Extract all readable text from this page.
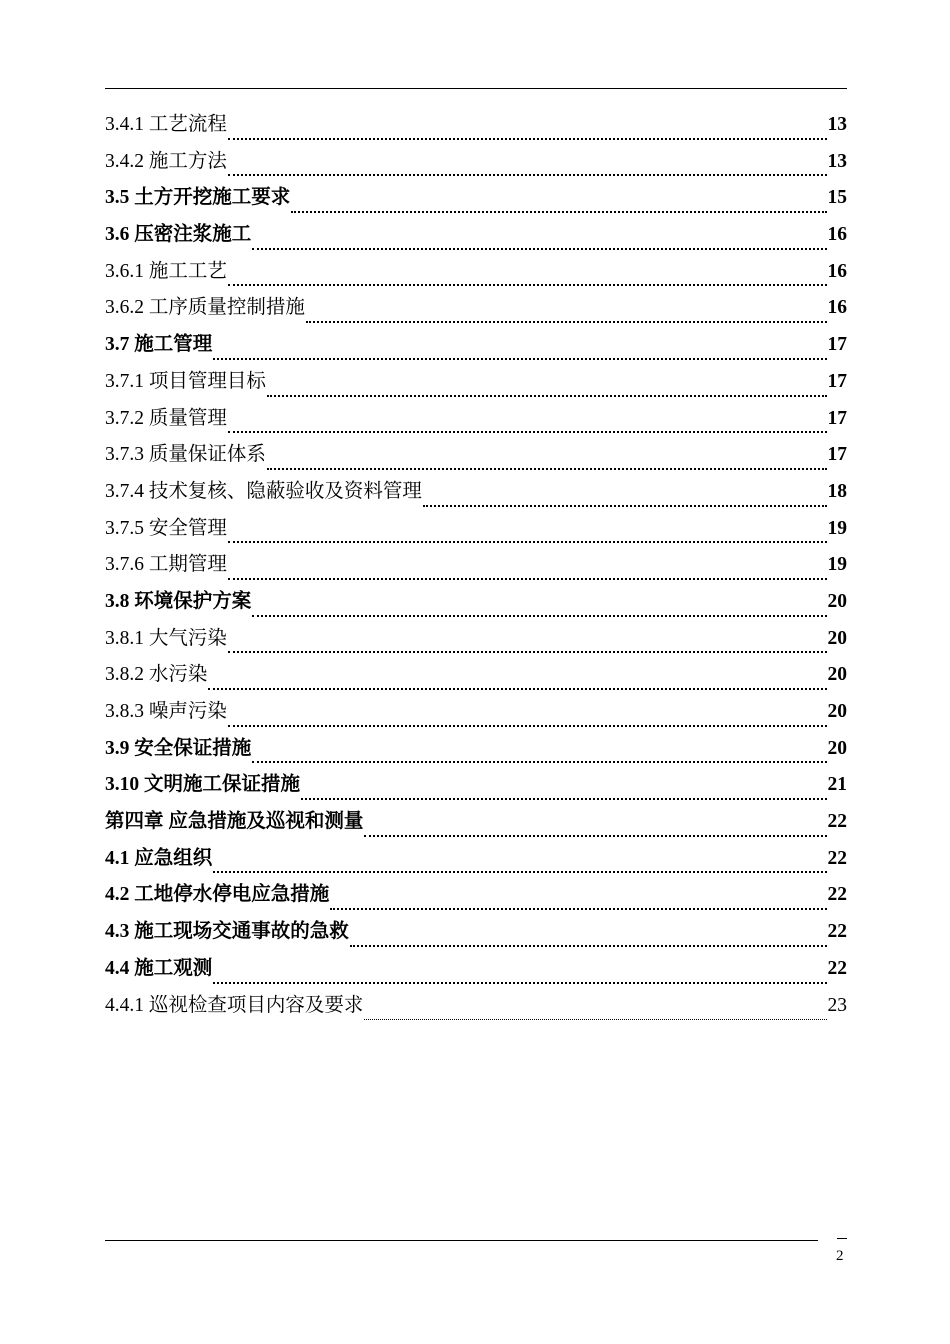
3.4.1 工艺流程	13
3.4.2 施工方法	13
3.5 土方开挖施工要求	15
3.6 压密注浆施工	16
3.6.1 施工工艺	16
3.6.2 工序质量控制措施	16
3.7 施工管理	17
3.7.1 项目管理目标	17
3.7.2 质量管理	17
3.7.3 质量保证体系	17
3.7.4 技术复核、隐蔽验收及资料管理	18
3.7.5 安全管理	19
3.7.6 工期管理	19
3.8 环境保护方案	20
3.8.1 大气污染	20
3.8.2 水污染	20
3.8.3 噪声污染	20
3.9 安全保证措施	20
3.10 文明施工保证措施	21
第四章 应急措施及巡视和测量	22
4.1 应急组织	22
4.2 工地停水停电应急措施	22
4.3 施工现场交通事故的急救	22
4.4 施工观测	22
4.4.1 巡视检查项目内容及要求	23
2
